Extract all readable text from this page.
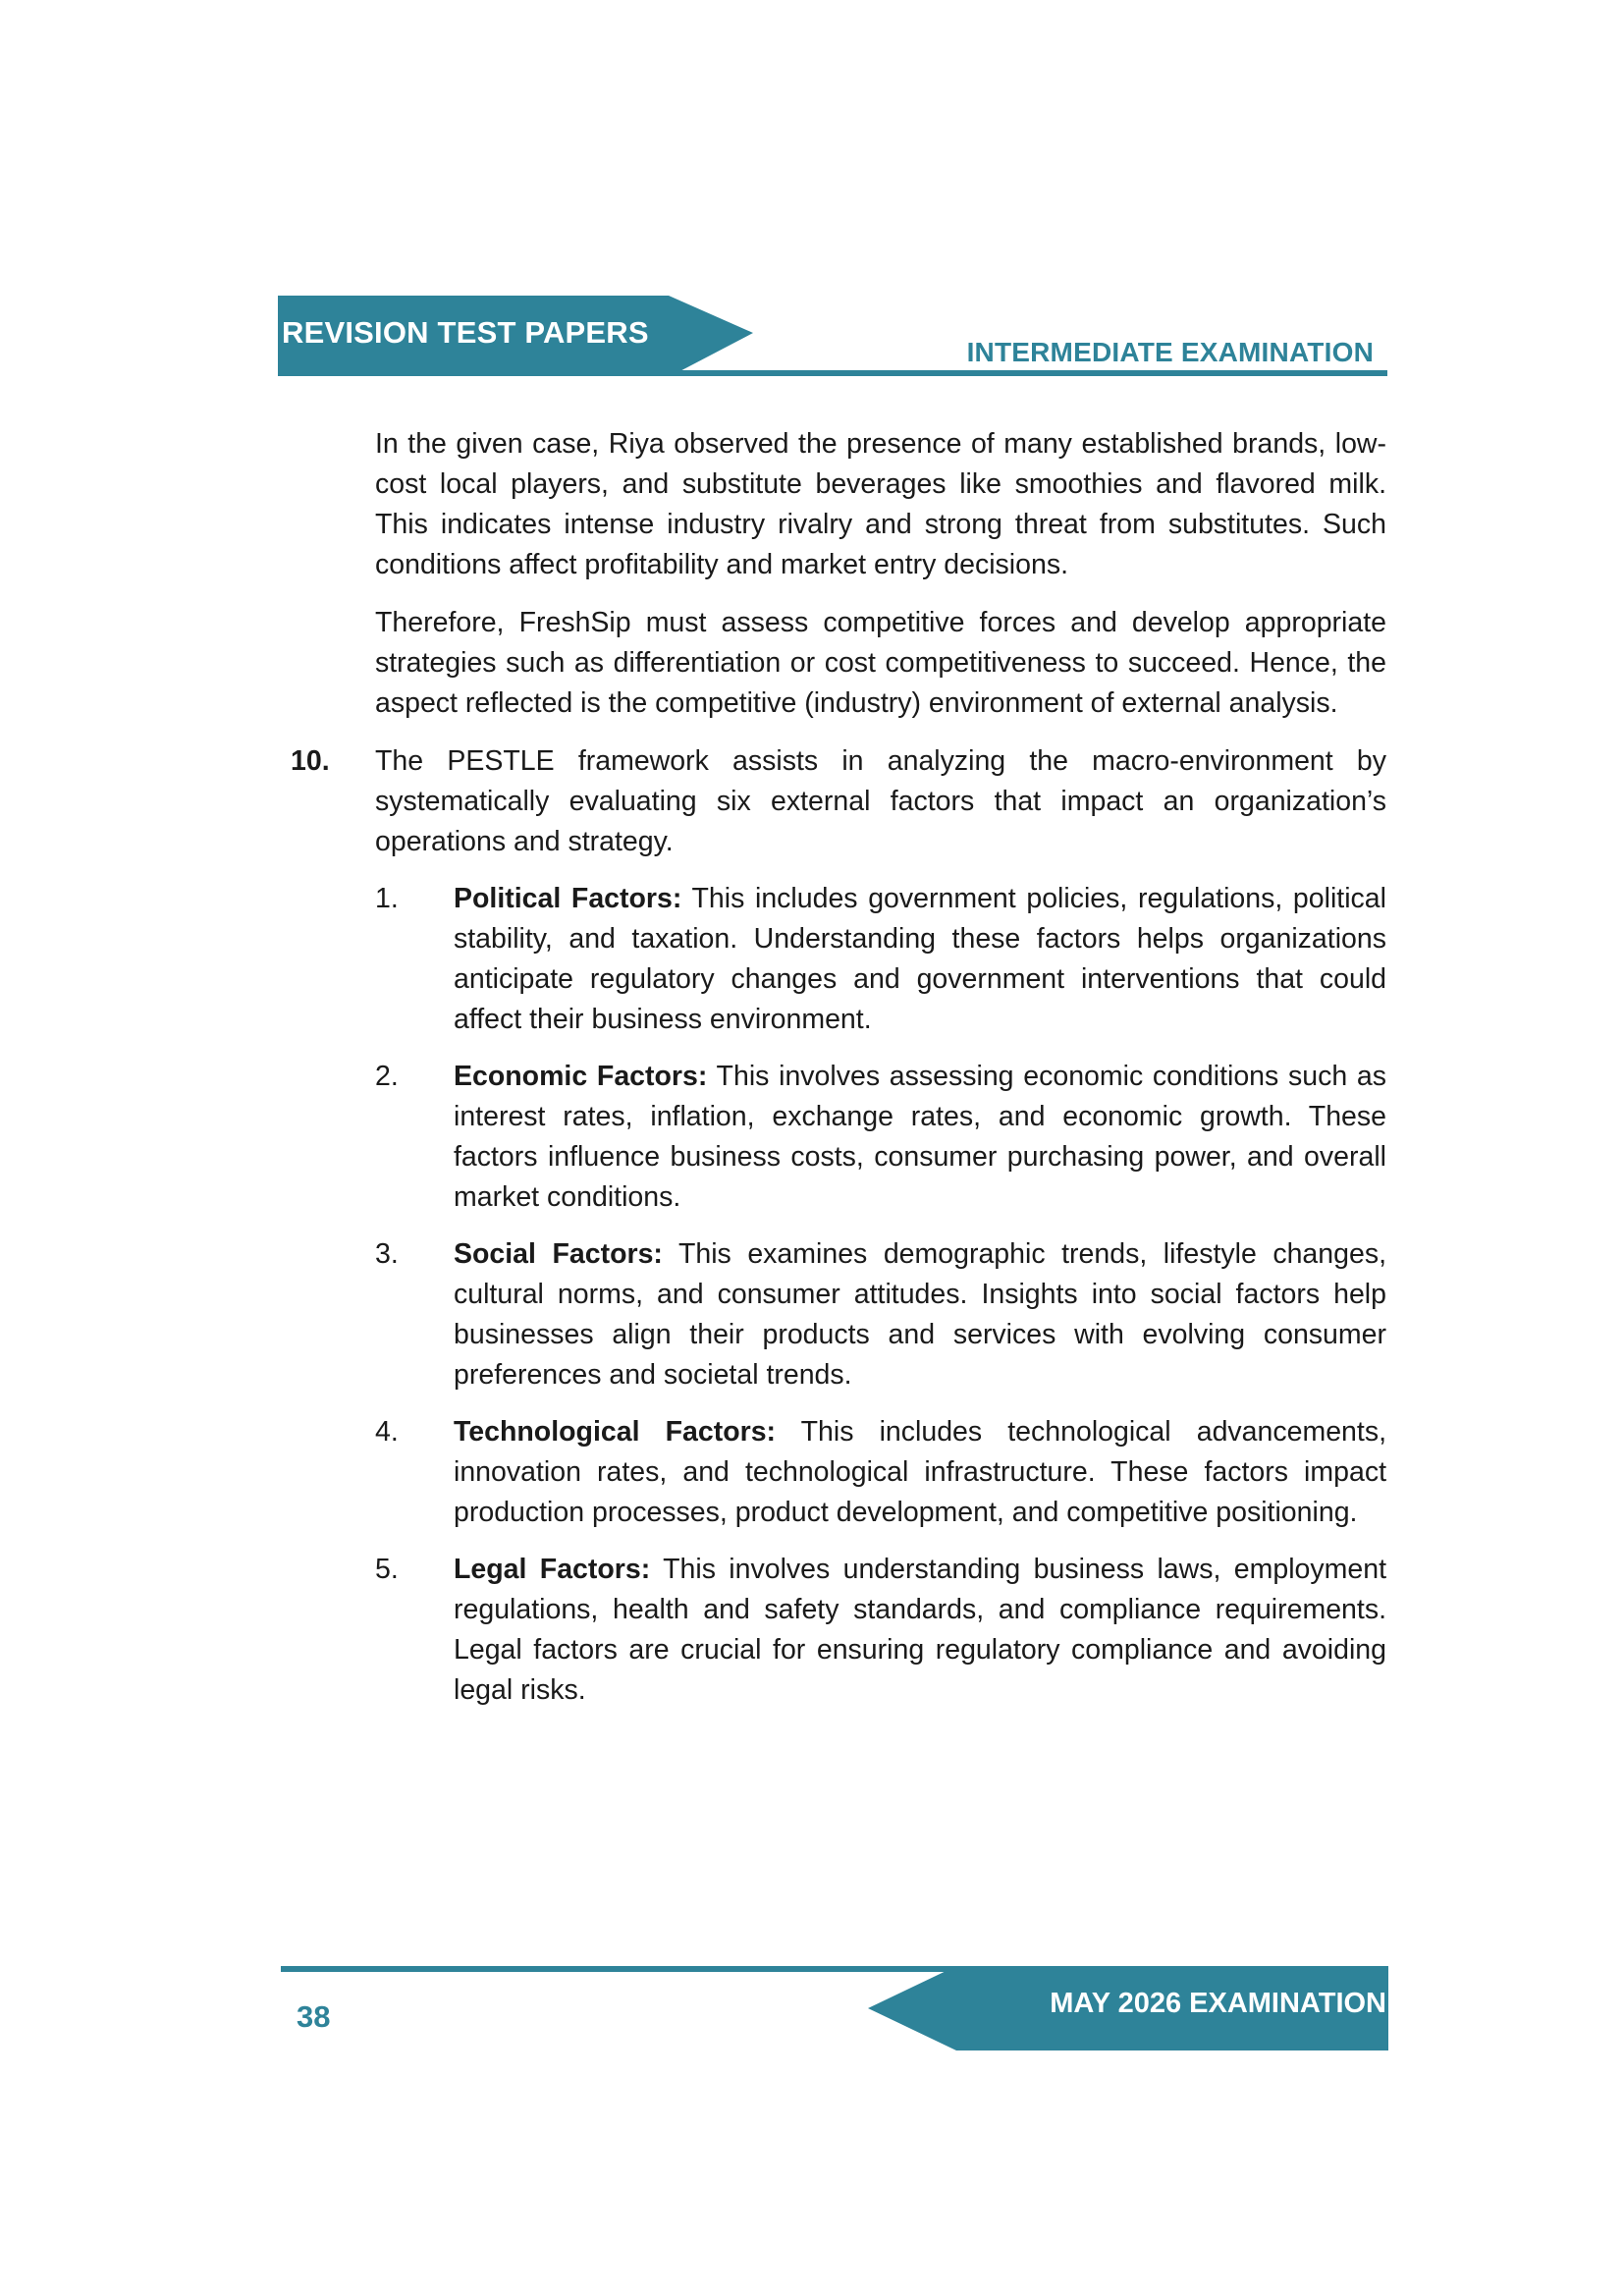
REVISION TEST PAPERS
INTERMEDIATE EXAMINATION

In the given case, Riya observed the presence of many established brands, low-cost local players, and substitute beverages like smoothies and flavored milk. This indicates intense industry rivalry and strong threat from substitutes. Such conditions affect profitability and market entry decisions.

Therefore, FreshSip must assess competitive forces and develop appropriate strategies such as differentiation or cost competitiveness to succeed. Hence, the aspect reflected is the competitive (industry) environment of external analysis.

10. The PESTLE framework assists in analyzing the macro-environment by systematically evaluating six external factors that impact an organization’s operations and strategy.
1. Political Factors: This includes government policies, regulations, political stability, and taxation. Understanding these factors helps organizations anticipate regulatory changes and government interventions that could affect their business environment.
2. Economic Factors: This involves assessing economic conditions such as interest rates, inflation, exchange rates, and economic growth. These factors influence business costs, consumer purchasing power, and overall market conditions.
3. Social Factors: This examines demographic trends, lifestyle changes, cultural norms, and consumer attitudes. Insights into social factors help businesses align their products and services with evolving consumer preferences and societal trends.
4. Technological Factors: This includes technological advancements, innovation rates, and technological infrastructure. These factors impact production processes, product development, and competitive positioning.
5. Legal Factors: This involves understanding business laws, employment regulations, health and safety standards, and compliance requirements. Legal factors are crucial for ensuring regulatory compliance and avoiding legal risks.
MAY 2026 EXAMINATION
38
